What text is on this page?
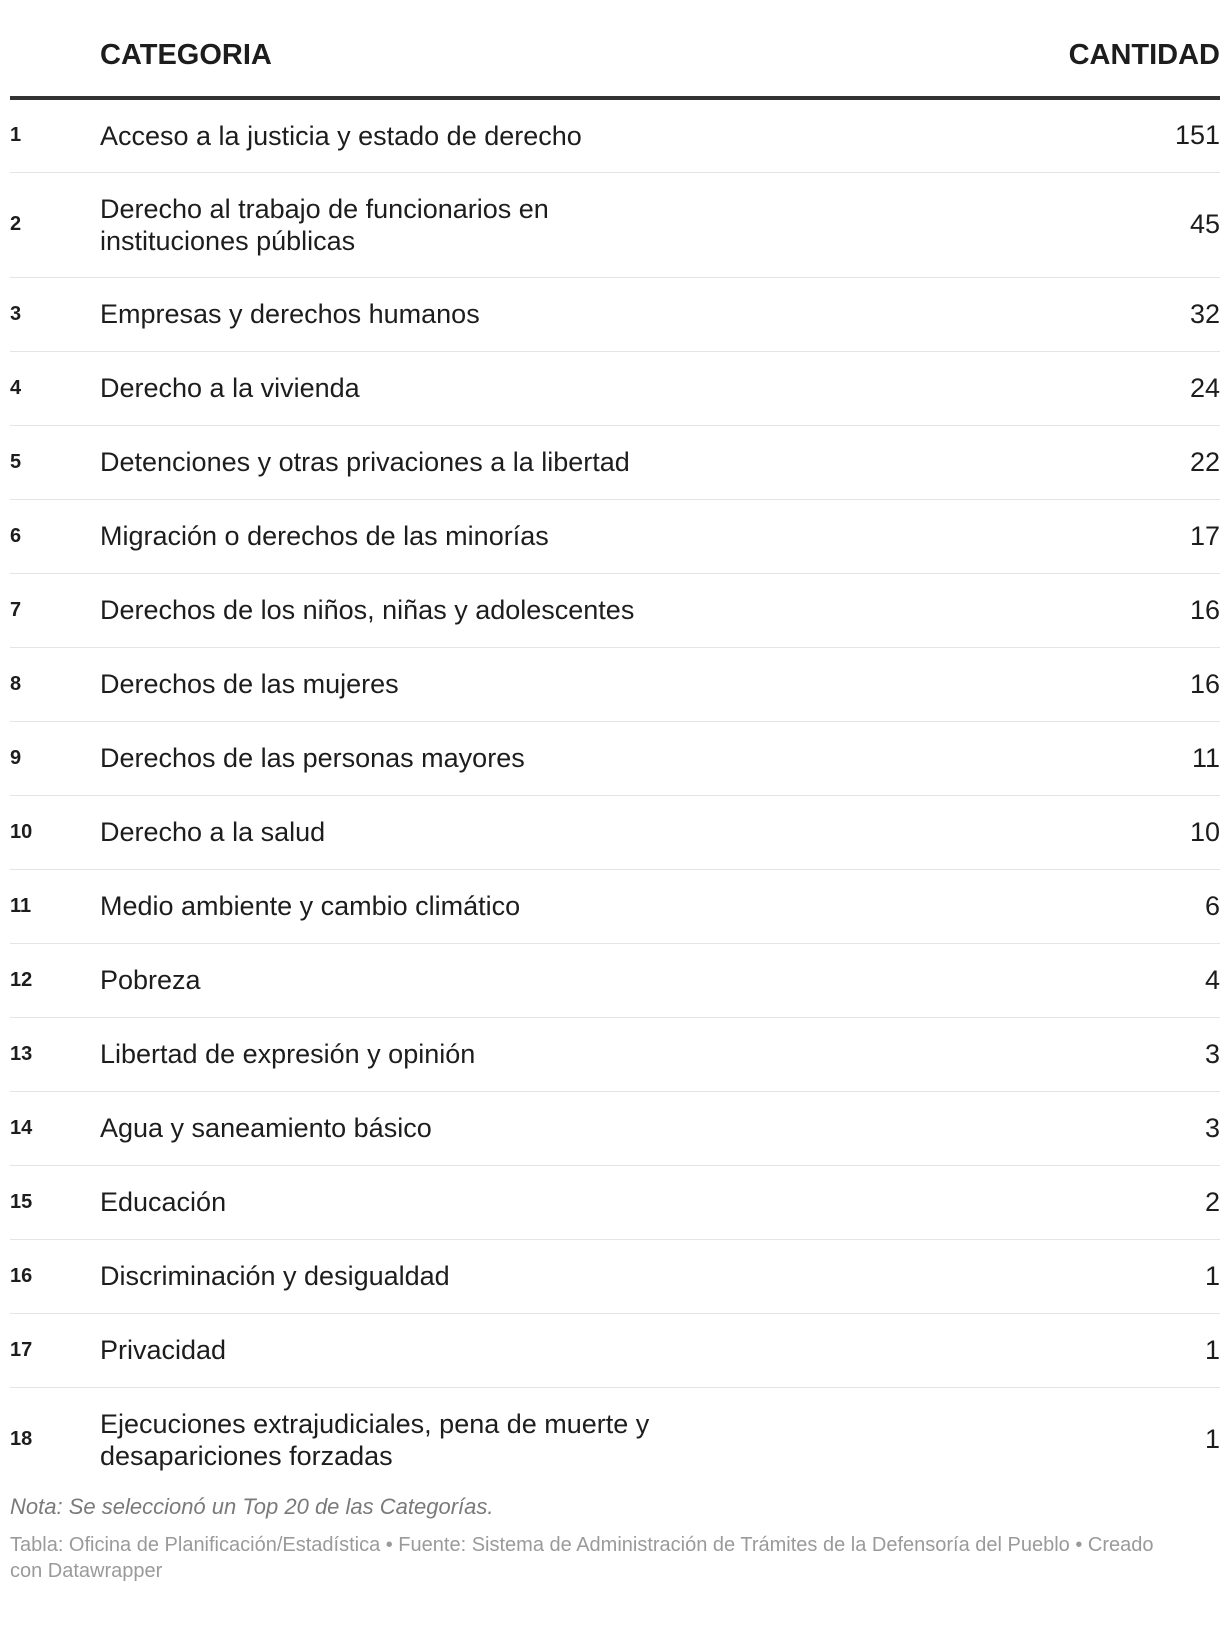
	CATEGORIA	CANTIDAD
1	Acceso a la justicia y estado de derecho	151
2	Derecho al trabajo de funcionarios en instituciones públicas	45
3	Empresas y derechos humanos	32
4	Derecho a la vivienda	24
5	Detenciones y otras privaciones a la libertad	22
6	Migración o derechos de las minorías	17
7	Derechos de los niños, niñas y adolescentes	16
8	Derechos de las mujeres	16
9	Derechos de las personas mayores	11
10	Derecho a la salud	10
11	Medio ambiente y cambio climático	6
12	Pobreza	4
13	Libertad de expresión y opinión	3
14	Agua y saneamiento básico	3
15	Educación	2
16	Discriminación y desigualdad	1
17	Privacidad	1
18	Ejecuciones extrajudiciales, pena de muerte y desapariciones forzadas	1

Nota: Se seleccionó un Top 20 de las Categorías.

Tabla: Oficina de Planificación/Estadística • Fuente: Sistema de Administración de Trámites de la Defensoría del Pueblo • Creado con Datawrapper
